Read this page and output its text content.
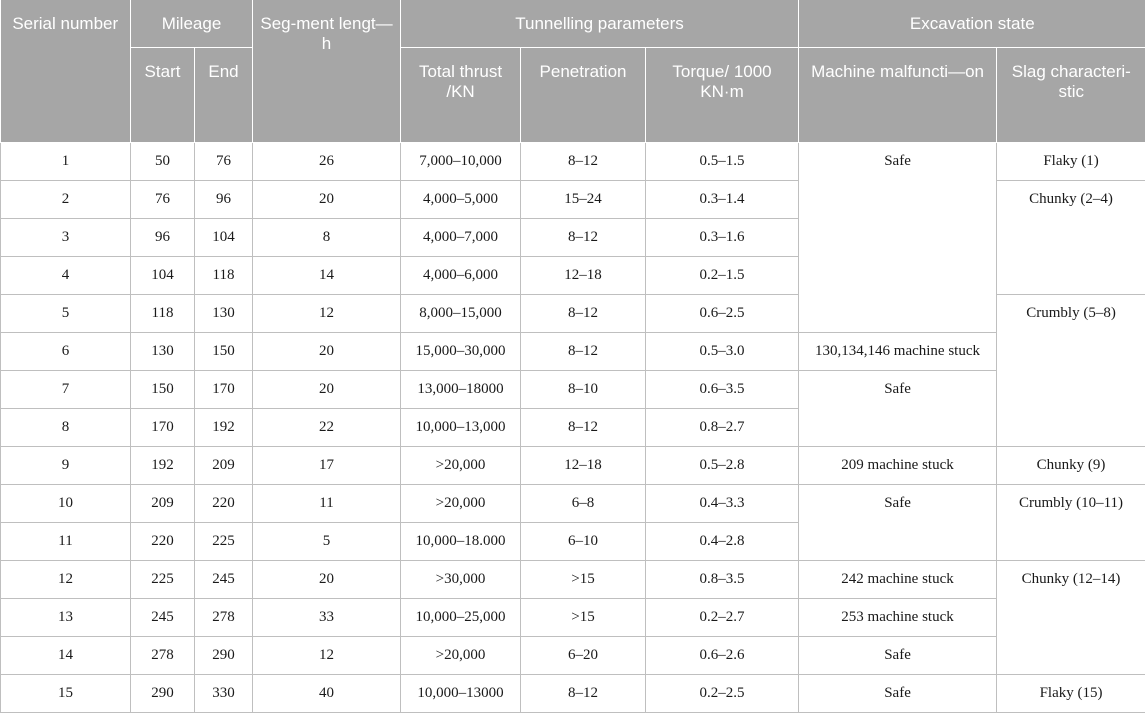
Serial number	Mileage		Seg-ment lengt—h	Tunnelling parameters			Excavation state	
	Start	End		Total thrust /KN	Penetration	Torque/ 1000 KN·m	Machine malfuncti—on	Slag characteri-stic
1	50	76	26	7,000–10,000	8–12	0.5–1.5	Safe	Flaky (1)
2	76	96	20	4,000–5,000	15–24	0.3–1.4		Chunky (2–4)
3	96	104	8	4,000–7,000	8–12	0.3–1.6		
4	104	118	14	4,000–6,000	12–18	0.2–1.5		
5	118	130	12	8,000–15,000	8–12	0.6–2.5		Crumbly (5–8)
6	130	150	20	15,000–30,000	8–12	0.5–3.0	130,134,146 machine stuck	
7	150	170	20	13,000–18000	8–10	0.6–3.5	Safe	
8	170	192	22	10,000–13,000	8–12	0.8–2.7		
9	192	209	17	>20,000	12–18	0.5–2.8	209 machine stuck	Chunky (9)
10	209	220	11	>20,000	6–8	0.4–3.3	Safe	Crumbly (10–11)
11	220	225	5	10,000–18.000	6–10	0.4–2.8		
12	225	245	20	>30,000	>15	0.8–3.5	242 machine stuck	Chunky (12–14)
13	245	278	33	10,000–25,000	>15	0.2–2.7	253 machine stuck	
14	278	290	12	>20,000	6–20	0.6–2.6	Safe	
15	290	330	40	10,000–13000	8–12	0.2–2.5	Safe	Flaky (15)
